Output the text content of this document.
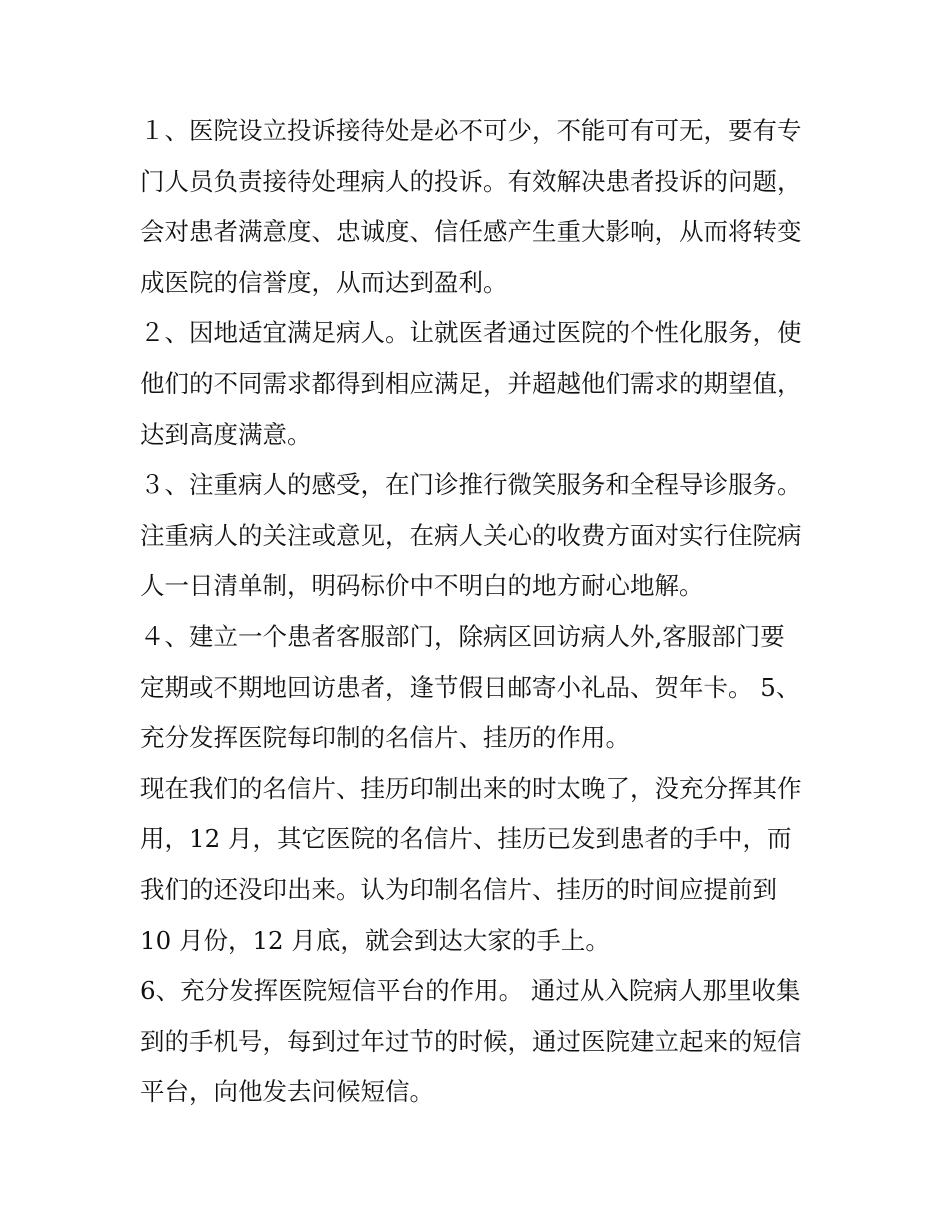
１、医院设立投诉接待处是必不可少，不能可有可无，要有专
门人员负责接待处理病人的投诉。有效解决患者投诉的问题，
会对患者满意度、忠诚度、信任感产生重大影响，从而将转变
成医院的信誉度，从而达到盈利。
２、因地适宜满足病人。让就医者通过医院的个性化服务，使
他们的不同需求都得到相应满足，并超越他们需求的期望值，
达到高度满意。
３、注重病人的感受，在门诊推行微笑服务和全程导诊服务。
注重病人的关注或意见，在病人关心的收费方面对实行住院病
人一日清单制，明码标价中不明白的地方耐心地解。
４、建立一个患者客服部门，除病区回访病人外,客服部门要
定期或不期地回访患者，逢节假日邮寄小礼品、贺年卡。 5、
充分发挥医院每印制的名信片、挂历的作用。
现在我们的名信片、挂历印制出来的时太晚了，没充分挥其作
用，12 月，其它医院的名信片、挂历已发到患者的手中，而
我们的还没印出来。认为印制名信片、挂历的时间应提前到
10 月份，12 月底，就会到达大家的手上。
6、充分发挥医院短信平台的作用。 通过从入院病人那里收集
到的手机号，每到过年过节的时候，通过医院建立起来的短信
平台，向他发去问候短信。
